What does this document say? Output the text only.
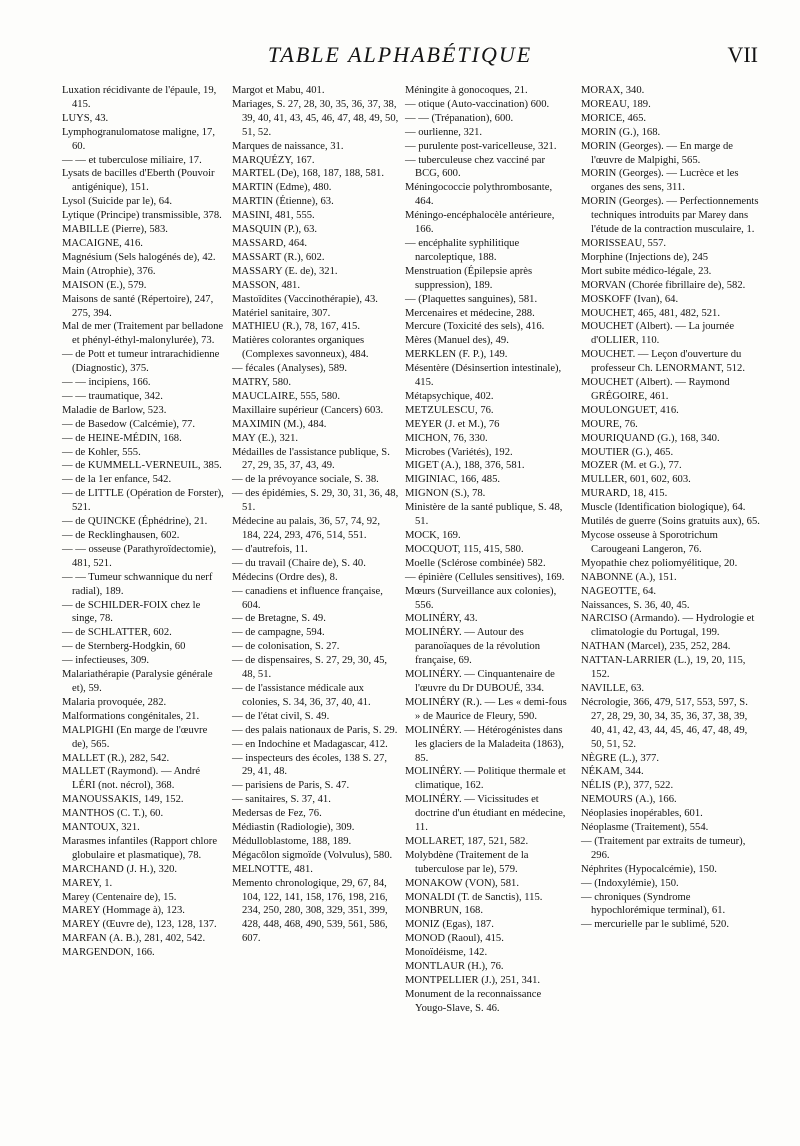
TABLE ALPHABÉTIQUE	VII
Luxation récidivante de l'épaule, 19, 415.
LUYS, 43.
Lymphogranulomatose maligne, 17, 60.
— — et tuberculose miliaire, 17.
Lysats de bacilles d'Eberth (Pouvoir antigénique), 151.
Lysol (Suicide par le), 64.
Lytique (Principe) transmissible, 378.
MABILLE (Pierre), 583.
MACAIGNE, 416.
Magnésium (Sels halogénés de), 42.
Main (Atrophie), 376.
MAISON (E.), 579.
Maisons de santé (Répertoire), 247, 275, 394.
Mal de mer (Traitement par belladone et phényl-éthyl-malonylurée), 73.
— de Pott et tumeur intrarachidienne (Diagnostic), 375.
— — incipiens, 166.
— — traumatique, 342.
Maladie de Barlow, 523.
— de Basedow (Calcémie), 77.
— de HEINE-MÉDIN, 168.
— de Kohler, 555.
— de KUMMELL-VERNEUIL, 385.
— de la 1er enfance, 542.
— de LITTLE (Opération de Forster), 521.
— de QUINCKE (Éphédrine), 21.
— de Recklinghausen, 602.
— — osseuse (Parathyroïdectomie), 481, 521.
— — Tumeur schwannique du nerf radial), 189.
— de SCHILDER-FOIX chez le singe, 78.
— de SCHLATTER, 602.
— de Sternberg-Hodgkin, 60
— infectieuses, 309.
Malariathérapie (Paralysie générale et), 59.
Malaria provoquée, 282.
Malformations congénitales, 21.
MALPIGHI (En marge de l'œuvre de), 565.
MALLET (R.), 282, 542.
MALLET (Raymond). — André LÉRI (not. nécrol), 368.
MANOUSSAKIS, 149, 152.
MANTHOS (C. T.), 60.
MANTOUX, 321.
Marasmes infantiles (Rapport chlore globulaire et plasmatique), 78.
MARCHAND (J. H.), 320.
MAREY, 1.
Marey (Centenaire de), 15.
MAREY (Hommage à), 123.
MAREY (Œuvre de), 123, 128, 137.
MARFAN (A. B.), 281, 402, 542.
MARGENDON, 166.
Margot et Mabu, 401.
Mariages, S. 27, 28, 30, 35, 36, 37, 38, 39, 40, 41, 43, 45, 46, 47, 48, 49, 50, 51, 52.
Marques de naissance, 31.
MARQUÉZY, 167.
MARTEL (De), 168, 187, 188, 581.
MARTIN (Edme), 480.
MARTIN (Étienne), 63.
MASINI, 481, 555.
MASQUIN (P.), 63.
MASSARD, 464.
MASSART (R.), 602.
MASSARY (E. de), 321.
MASSON, 481.
Mastoïdites (Vaccinothérapie), 43.
Matériel sanitaire, 307.
MATHIEU (R.), 78, 167, 415.
Matières colorantes organiques (Complexes savonneux), 484.
— fécales (Analyses), 589.
MATRY, 580.
MAUCLAIRE, 555, 580.
Maxillaire supérieur (Cancers) 603.
MAXIMIN (M.), 484.
MAY (E.), 321.
Médailles de l'assistance publique, S. 27, 29, 35, 37, 43, 49.
— de la prévoyance sociale, S. 38.
— des épidémies, S. 29, 30, 31, 36, 48, 51.
Médecine au palais, 36, 57, 74, 92, 184, 224, 293, 476, 514, 551.
— d'autrefois, 11.
— du travail (Chaire de), S. 40.
Médecins (Ordre des), 8.
— canadiens et influence française, 604.
— de Bretagne, S. 49.
— de campagne, 594.
— de colonisation, S. 27.
— de dispensaires, S. 27, 29, 30, 45, 48, 51.
— de l'assistance médicale aux colonies, S. 34, 36, 37, 40, 41.
— de l'état civil, S. 49.
— des palais nationaux de Paris, S. 29.
— en Indochine et Madagascar, 412.
— inspecteurs des écoles, 138 S. 27, 29, 41, 48.
— parisiens de Paris, S. 47.
— sanitaires, S. 37, 41.
Medersas de Fez, 76.
Médiastin (Radiologie), 309.
Médulloblastome, 188, 189.
Mégacôlon sigmoïde (Volvulus), 580.
MELNOTTE, 481.
Memento chronologique, 29, 67, 84, 104, 122, 141, 158, 176, 198, 216, 234, 250, 280, 308, 329, 351, 399, 428, 448, 468, 490, 539, 561, 586, 607.
Méningite à gonocoques, 21.
— otique (Auto-vaccination) 600.
— — (Trépanation), 600.
— ourlienne, 321.
— purulente post-varicelleuse, 321.
— tuberculeuse chez vacciné par BCG, 600.
Méningococcie polythrombosante, 464.
Méningo-encéphalocèle antérieure, 166.
— encéphalite syphilitique narcoleptique, 188.
Menstruation (Épilepsie après suppression), 189.
— (Plaquettes sanguines), 581.
Mercenaires et médecine, 288.
Mercure (Toxicité des sels), 416.
Mères (Manuel des), 49.
MERKLEN (F. P.), 149.
Mésentère (Désinsertion intestinale), 415.
Métapsychique, 402.
METZULESCU, 76.
MEYER (J. et M.), 76
MICHON, 76, 330.
Microbes (Variétés), 192.
MIGET (A.), 188, 376, 581.
MIGINIAC, 166, 485.
MIGNON (S.), 78.
Ministère de la santé publique, S. 48, 51.
MOCK, 169.
MOCQUOT, 115, 415, 580.
Moelle (Sclérose combinée) 582.
— épinière (Cellules sensitives), 169.
Mœurs (Surveillance aux colonies), 556.
MOLINÉRY, 43.
MOLINÉRY. — Autour des paranoïaques de la révolution française, 69.
MOLINÉRY. — Cinquantenaire de l'œuvre du Dr DUBOUÉ, 334.
MOLINÉRY (R.). — Les « demi-fous » de Maurice de Fleury, 590.
MOLINÉRY. — Hétérogénistes dans les glaciers de la Maladeita (1863), 85.
MOLINÉRY. — Politique thermale et climatique, 162.
MOLINÉRY. — Vicissitudes et doctrine d'un étudiant en médecine, 11.
MOLLARET, 187, 521, 582.
Molybdène (Traitement de la tuberculose par le), 579.
MONAKOW (VON), 581.
MONALDI (T. de Sanctis), 115.
MONBRUN, 168.
MONIZ (Egas), 187.
MONOD (Raoul), 415.
Monoïdéisme, 142.
MONTLAUR (H.), 76.
MONTPELLIER (J.), 251, 341.
Monument de la reconnaissance Yougo-Slave, S. 46.
MORAX, 340.
MOREAU, 189.
MORICE, 465.
MORIN (G.), 168.
MORIN (Georges). — En marge de l'œuvre de Malpighi, 565.
MORIN (Georges). — Lucrèce et les organes des sens, 311.
MORIN (Georges). — Perfectionnements techniques introduits par Marey dans l'étude de la contraction musculaire, 1.
MORISSEAU, 557.
Morphine (Injections de), 245
Mort subite médico-légale, 23.
MORVAN (Chorée fibrillaire de), 582.
MOSKOFF (Ivan), 64.
MOUCHET, 465, 481, 482, 521.
MOUCHET (Albert). — La journée d'OLLIER, 110.
MOUCHET. — Leçon d'ouverture du professeur Ch. LENORMANT, 512.
MOUCHET (Albert). — Raymond GRÉGOIRE, 461.
MOULONGUET, 416.
MOURE, 76.
MOURIQUAND (G.), 168, 340.
MOUTIER (G.), 465.
MOZER (M. et G.), 77.
MULLER, 601, 602, 603.
MURARD, 18, 415.
Muscle (Identification biologique), 64.
Mutilés de guerre (Soins gratuits aux), 65.
Mycose osseuse à Sporotrichum Carougeani Langeron, 76.
Myopathie chez poliomyélitique, 20.
NABONNE (A.), 151.
NAGEOTTE, 64.
Naissances, S. 36, 40, 45.
NARCISO (Armando). — Hydrologie et climatologie du Portugal, 199.
NATHAN (Marcel), 235, 252, 284.
NATTAN-LARRIER (L.), 19, 20, 115, 152.
NAVILLE, 63.
Nécrologie, 366, 479, 517, 553, 597, S. 27, 28, 29, 30, 34, 35, 36, 37, 38, 39, 40, 41, 42, 43, 44, 45, 46, 47, 48, 49, 50, 51, 52.
NÈGRE (L.), 377.
NÉKAM, 344.
NÉLIS (P.), 377, 522.
NEMOURS (A.), 166.
Néoplasies inopérables, 601.
Néoplasme (Traitement), 554.
— (Traitement par extraits de tumeur), 296.
Néphrites (Hypocalcémie), 150.
— (Indoxylémie), 150.
— chroniques (Syndrome hypochlorémique terminal), 61.
— mercurielle par le sublimé, 520.
